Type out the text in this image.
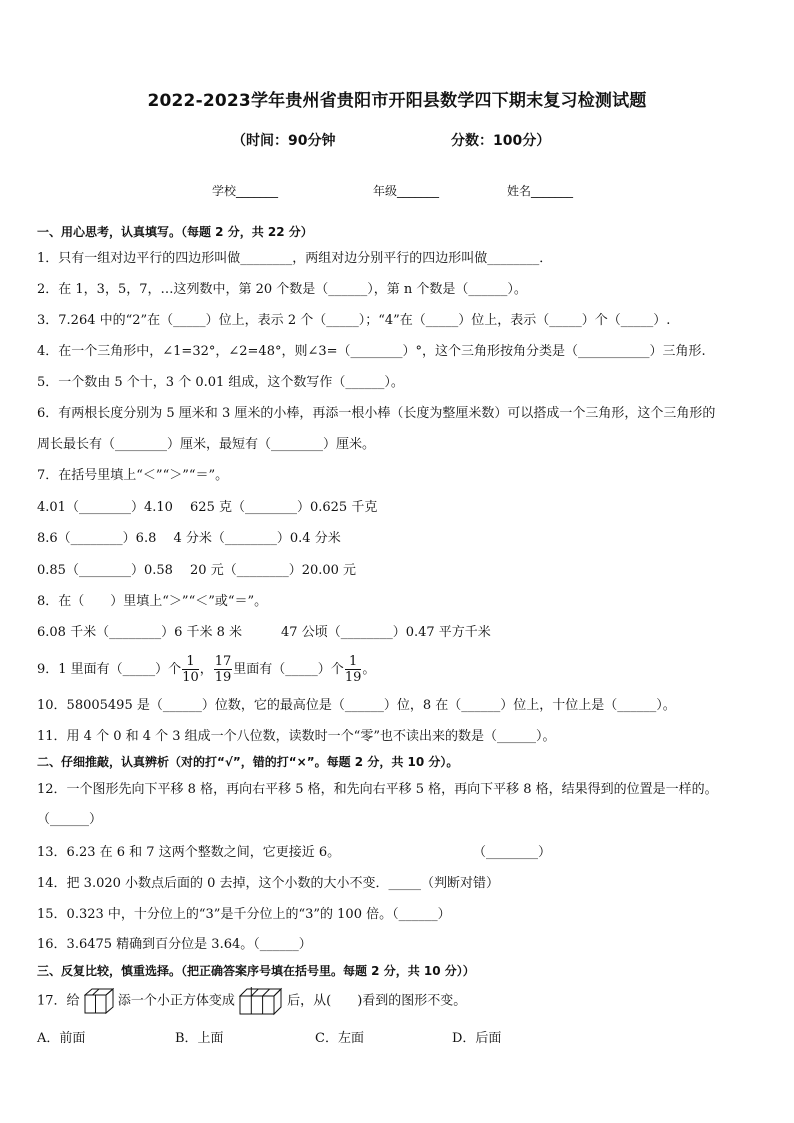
2022-2023学年贵州省贵阳市开阳县数学四下期末复习检测试题
（时间：90分钟	分数：100分）
学校_______	年级_______	姓名_______
一、用心思考，认真填写。（每题 2 分，共 22 分）
1．只有一组对边平行的四边形叫做________，两组对边分别平行的四边形叫做________．
2．在 1，3，5，7，…这列数中，第 20 个数是（______），第 n 个数是（______）。
3．7.264 中的“2”在（_____）位上，表示 2 个（_____）；“4”在（_____）位上，表示（_____）个（_____）.
4．在一个三角形中，∠1=32°，∠2=48°，则∠3=（________）°，这个三角形按角分类是（___________）三角形.
5．一个数由 5 个十，3 个 0.01 组成，这个数写作（______）。
6．有两根长度分别为 5 厘米和 3 厘米的小棒，再添一根小棒（长度为整厘米数）可以搭成一个三角形，这个三角形的
周长最长有（________）厘米，最短有（________）厘米。
7．在括号里填上“＜”“＞”“＝”。
4.01（________）4.10　 625 克（________）0.625 千克
8.6（________）6.8　 4 分米（________）0.4 分米
0.85（________）0.58　 20 元（________）20.00 元
8．在（　　）里填上“＞”“＜”或“＝”。
6.08 千米（________）6 千米 8 米　　　47 公顷（________）0.47 平方千米
9．1 里面有（_____）个 $\frac{1}{10}$ ， $\frac{17}{19}$ 里面有（_____）个 $\frac{1}{19}$ 。
10．58005495 是（______）位数，它的最高位是（______）位，8 在（______）位上，十位上是（______）。
11．用 4 个 0 和 4 个 3 组成一个八位数，读数时一个“零”也不读出来的数是（______）。
二、仔细推敲，认真辨析（对的打“√”，错的打“×”。每题 2 分，共 10 分）。
12．一个图形先向下平移 8 格，再向右平移 5 格，和先向右平移 5 格，再向下平移 8 格，结果得到的位置是一样的。
（______）
13．6.23 在 6 和 7 这两个整数之间，它更接近 6。	（________）
14．把 3.020 小数点后面的 0 去掉，这个小数的大小不变．_____（判断对错）
15．0.323 中，十分位上的“3”是千分位上的“3”的 100 倍。（______）
16．3.6475 精确到百分位是 3.64。（______）
三、反复比较，慎重选择。（把正确答案序号填在括号里。每题 2 分，共 10 分））
17．给	添一个小正方体变成	后，从(　　)看到的图形不变。
A．前面	B．上面	C．左面	D．后面
